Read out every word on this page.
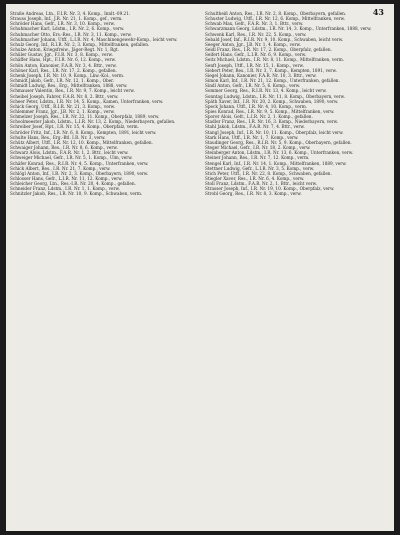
43
Straße Andreas, Ltn., F.I.R. Nr. 3, 4. Komp., Innlt.-09.21.
Strauss Joseph, Inf., J.R. Nr. 21, 1. Komp., gef., verm.
Schröder Hans, Gefr., I.R. Nr. 3, 10. Komp., verw.
Schuhmacher Karl, Ldstm., I.R. Nr. 2, 6. Komp., verw.
Schuhmacher Otto, Ers.-Res., I.R. Nr. 3, 11. Komp., verw.
Schuhmacher Johann, Utff., L.I.R. Nr. 4, Maschinengewehr-Komp., leicht verw.
Schulz Georg, Inf., R.I.R. Nr. 2, 3. Komp., Mittelfranken, gefallen.
Schulze Anton, Kriegsfreiw., Jäger-Regt. Nr. 1, Rgt.
Schüler Gustav, Jgr., F.I.R. Nr. 3, 8. Komp., verw.
Schäffer Hans, Hpt., F.I.R. Nr. 6, 12. Komp., verw.
Schön Anton, Kanonier, F.A.R. Nr. 3, 4. Bttr., verw.
Schöner Karl, Res., I.R. Nr. 17, 2. Komp., gefallen.
Schenk Joseph, I.R. Nr. 10, 9. Komp., Lkw.-Kol., verm.
Schmidt Jakob, Gefr., I.R. Nr. 12, 1. Komp., Ober.
Schmidt Ludwig, Res., Erg., Mittelfranken, 1888, verw.
Schmauser Valentin, Res., I.R. Nr. 9, 7. Komp., leicht verw.
Scheibel Joseph, Fahrer, F.A.R. Nr. 8, 2. Bttr., verw.
Scheer Peter, Ldstm., I.R. Nr. 14, 5. Komp., Kamen, Unterfranken, verw.
Schick Georg, Utff., R.I.R. Nr. 21, 3. Komp., verw.
Schlemmer Franz, Jgr., J.B. Nr. 2, 1. Komp., verw.
Schmelzer Joseph, Res., I.R. Nr. 22, 11. Komp., Oberpfalz, 1889, verw.
Schoolmeester Jakob, Ldstm., L.I.R. Nr. 13, 2. Komp., Niederbayern, gefallen.
Schreiber Josef, Hpt., I.R. Nr. 15, 4. Komp., Oberpfalz, verm.
Schröder Fritz, Inf., I.R. Nr. 6, 8. Komp., Kempten, 1891, leicht verw.
Schulte Hans, Res., Erg.-Btl. I.R. Nr. 3, verw.
Schütz Albert, Utff., I.R. Nr. 12, 10. Komp., Mittelfranken, gefallen.
Schwaiger Johann, Res., I.R. Nr. 8, 6. Komp., verw.
Schwarz Alois, Ldstm., F.A.R. Nr. 1, 2. Bttr., leicht verw.
Schweiger Michael, Gefr., I.R. Nr. 5, 1. Komp., Ulm, verw.
Schäfer Konrad, Res., R.I.R. Nr. 4, 5. Komp., Unterfranken, verw.
Schick Albert, Res., I.R. Nr. 21, 7. Komp., verw.
Schlögl Anton, Inf., I.R. Nr. 2, 3. Komp., Oberbayern, 1890, verw.
Schlosser Hans, Gefr., L.I.R. Nr. 11, 12. Komp., verw.
Schleicher Georg, Ltn., Res.-I.R. Nr. 20, 4. Komp., gefallen.
Schneider Franz, Ldstm., I.R. Nr. 1, 1. Komp., verw.
Schnitzler Jakob, Res., I.R. Nr. 10, 9. Komp., Schwaben, verm.
Schultheiß Anton, Res., I.R. Nr. 2, 8. Komp., Oberbayern, gefallen.
Schuster Ludwig, Utff., I.R. Nr. 12, 6. Komp., Mittelfranken, verw.
Schwab Max, Gefr., F.A.R. Nr. 3, 1. Bttr., verw.
Schwarzmann Georg, Ldstm., I.R. Nr. 14, 3. Komp., Unterfranken, 1888, verw.
Schwenk Karl, Res., I.R. Nr. 22, 5. Komp., verw.
Sebald Josef, Inf., R.I.R. Nr. 9, 10. Komp., Schwaben, leicht verw.
Seeger Anton, Jgr., J.B. Nr. 1, 4. Komp., verw.
Seidl Franz, Res., I.R. Nr. 17, 2. Komp., Oberpfalz, gefallen.
Seifert Hans, Gefr., L.I.R. Nr. 6, 9. Komp., verw.
Seitz Michael, Ldstm., I.R. Nr. 8, 11. Komp., Mittelfranken, verm.
Senft Joseph, Utff., I.R. Nr. 15, 1. Komp., verw.
Siebert Peter, Res., I.R. Nr. 3, 7. Komp., Kempten, 1891, verw.
Siegel Johann, Kanonier, F.A.R. Nr. 10, 3. Bttr., verw.
Simon Karl, Inf., I.R. Nr. 21, 12. Komp., Unterfranken, gefallen.
Sindl Anton, Gefr., I.R. Nr. 5, 6. Komp., verw.
Sommer Georg, Res., R.I.R. Nr. 13, 4. Komp., leicht verw.
Sonntag Ludwig, Ldstm., I.R. Nr. 11, 8. Komp., Oberbayern, verw.
Späth Xaver, Inf., I.R. Nr. 20, 2. Komp., Schwaben, 1890, verw.
Speck Johann, Utff., I.R. Nr. 4, 10. Komp., verm.
Spies Konrad, Res., I.R. Nr. 9, 5. Komp., Mittelfranken, verw.
Sporer Alois, Gefr., L.I.R. Nr. 2, 1. Komp., gefallen.
Stadler Franz, Res., I.R. Nr. 16, 3. Komp., Niederbayern, verw.
Stahl Jakob, Ldstm., F.A.R. Nr. 7, 4. Bttr., verw.
Stangl Joseph, Inf., I.R. Nr. 10, 11. Komp., Oberpfalz, leicht verw.
Stark Hans, Utff., I.R. Nr. 1, 7. Komp., verw.
Staudinger Georg, Res., R.I.R. Nr. 5, 9. Komp., Oberbayern, gefallen.
Steger Michael, Gefr., I.R. Nr. 18, 2. Komp., verw.
Steinberger Anton, Ldstm., I.R. Nr. 13, 6. Komp., Unterfranken, verw.
Steiner Johann, Res., I.R. Nr. 7, 12. Komp., verm.
Stengel Karl, Inf., I.R. Nr. 14, 1. Komp., Mittelfranken, 1889, verw.
Stettner Ludwig, Gefr., L.I.R. Nr. 3, 5. Komp., verw.
Stich Peter, Utff., I.R. Nr. 22, 8. Komp., Schwaben, gefallen.
Stiegler Xaver, Res., I.R. Nr. 6, 4. Komp., verw.
Stoll Franz, Ldstm., F.A.R. Nr. 2, 1. Bttr., leicht verw.
Strasser Joseph, Inf., I.R. Nr. 19, 10. Komp., Oberpfalz, verw.
Strobl Georg, Res., I.R. Nr. 8, 3. Komp., verw.
